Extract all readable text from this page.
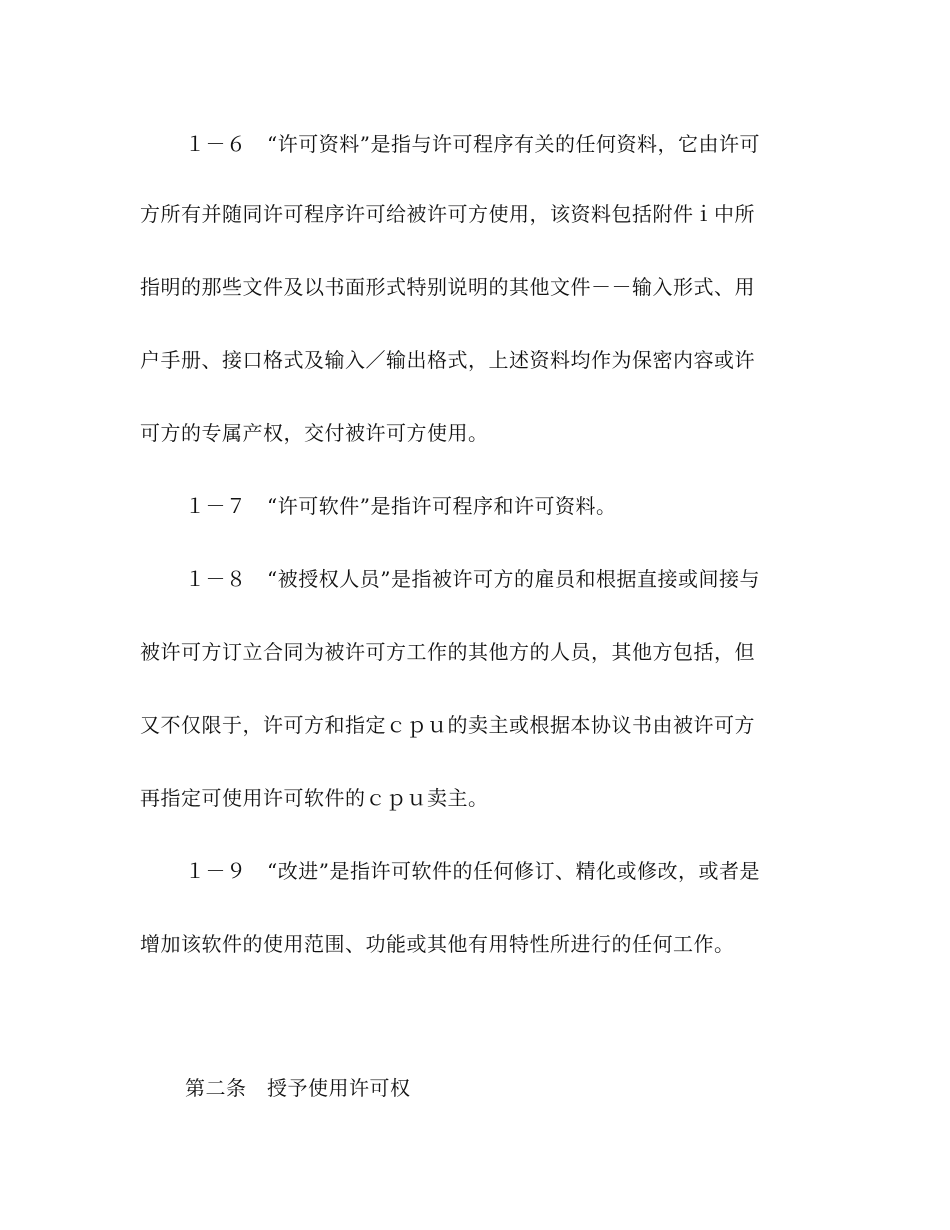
１－６　“许可资料”是指与许可程序有关的任何资料，它由许可
方所有并随同许可程序许可给被许可方使用，该资料包括附件ｉ中所
指明的那些文件及以书面形式特别说明的其他文件－－输入形式、用
户手册、接口格式及输入／输出格式，上述资料均作为保密内容或许
可方的专属产权，交付被许可方使用。
１－７　“许可软件”是指许可程序和许可资料。
１－８　“被授权人员”是指被许可方的雇员和根据直接或间接与
被许可方订立合同为被许可方工作的其他方的人员，其他方包括，但
又不仅限于，许可方和指定ｃｐｕ的卖主或根据本协议书由被许可方
再指定可使用许可软件的ｃｐｕ卖主。
１－９　“改进”是指许可软件的任何修订、精化或修改，或者是
增加该软件的使用范围、功能或其他有用特性所进行的任何工作。
第二条　授予使用许可权
